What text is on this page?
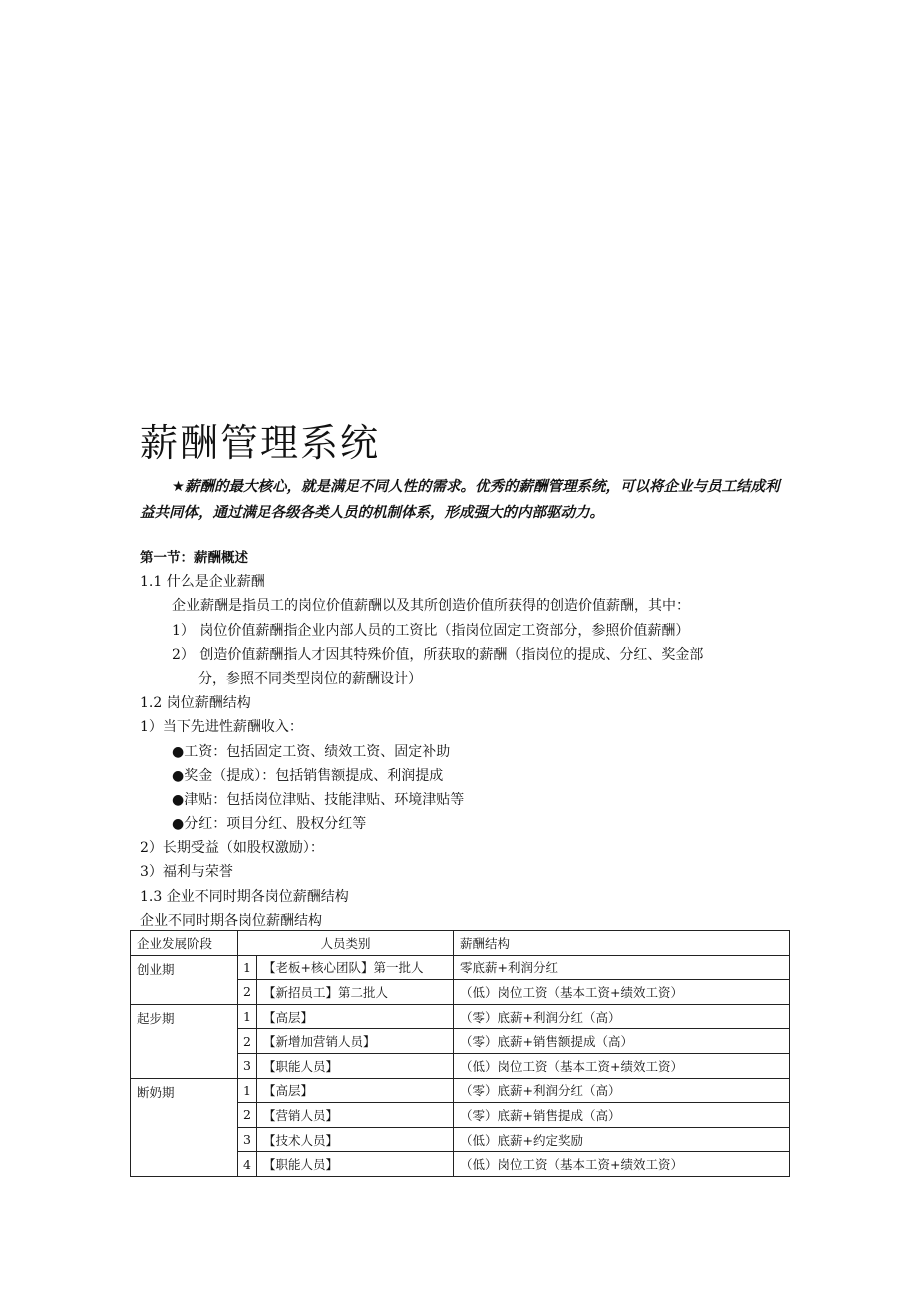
薪酬管理系统
★薪酬的最大核心，就是满足不同人性的需求。优秀的薪酬管理系统，可以将企业与员工结成利益共同体，通过满足各级各类人员的机制体系，形成强大的内部驱动力。
第一节：薪酬概述
1.1 什么是企业薪酬
企业薪酬是指员工的岗位价值薪酬以及其所创造价值所获得的创造价值薪酬，其中：
1） 岗位价值薪酬指企业内部人员的工资比（指岗位固定工资部分，参照价值薪酬）
2） 创造价值薪酬指人才因其特殊价值，所获取的薪酬（指岗位的提成、分红、奖金部
分，参照不同类型岗位的薪酬设计）
1.2 岗位薪酬结构
1）当下先进性薪酬收入：
●工资：包括固定工资、绩效工资、固定补助
●奖金（提成）：包括销售额提成、利润提成
●津贴：包括岗位津贴、技能津贴、环境津贴等
●分红：项目分红、股权分红等
2）长期受益（如股权激励）：
3）福利与荣誉
1.3 企业不同时期各岗位薪酬结构
企业不同时期各岗位薪酬结构
企业发展阶段	人员类别		薪酬结构
创业期	1	【老板+核心团队】第一批人	零底薪+利润分红
	2	【新招员工】第二批人	（低）岗位工资（基本工资+绩效工资）
起步期	1	【高层】	（零）底薪+利润分红（高）
	2	【新增加营销人员】	（零）底薪+销售额提成（高）
	3	【职能人员】	（低）岗位工资（基本工资+绩效工资）
断奶期	1	【高层】	（零）底薪+利润分红（高）
	2	【营销人员】	（零）底薪+销售提成（高）
	3	【技术人员】	（低）底薪+约定奖励
	4	【职能人员】	（低）岗位工资（基本工资+绩效工资）
